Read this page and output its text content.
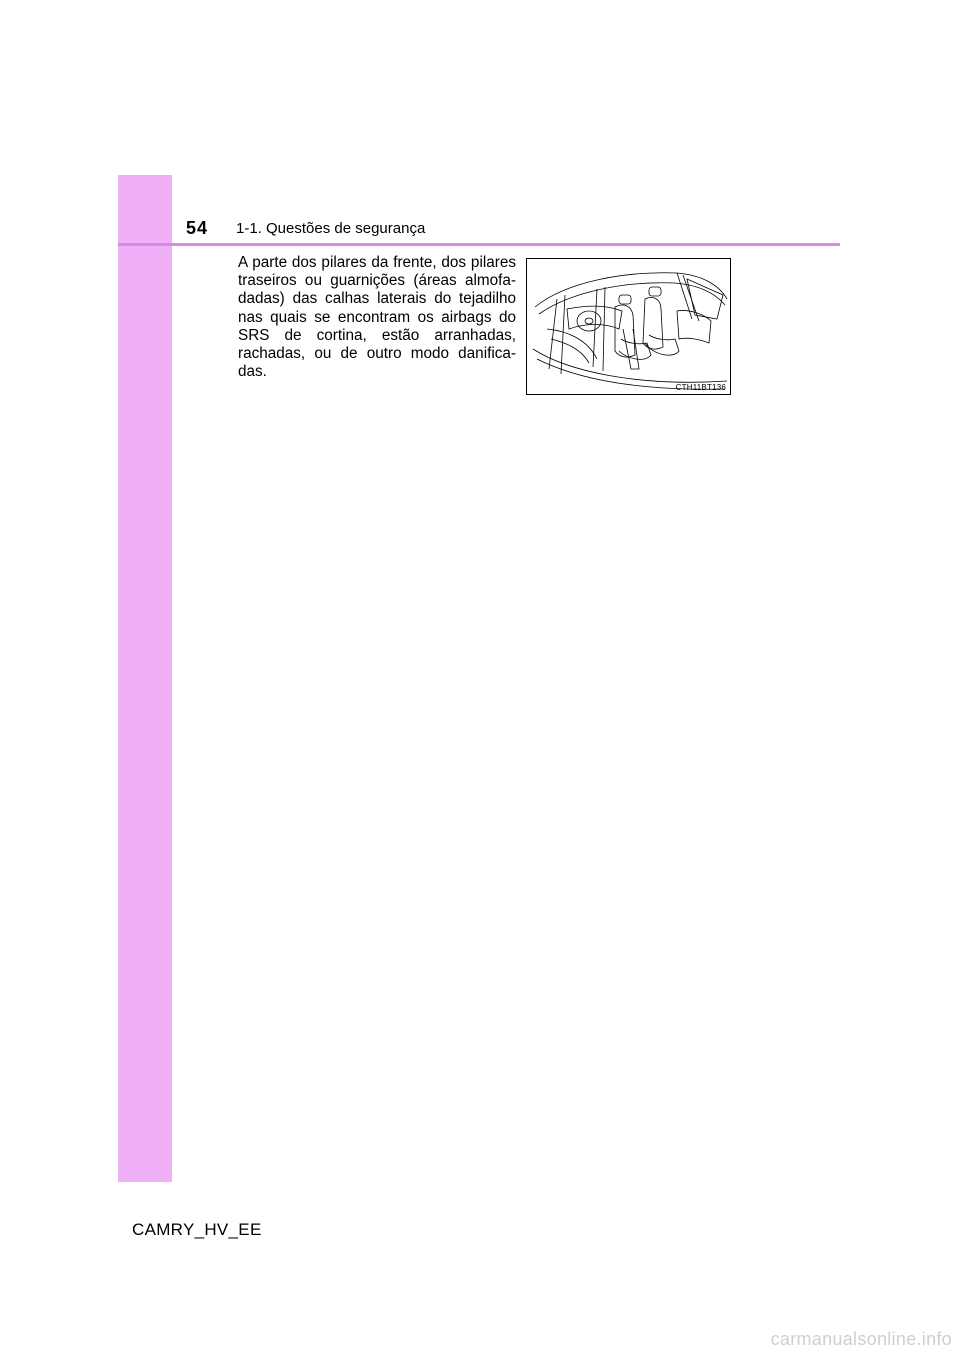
54 1-1. Questões de segurança

A parte dos pilares da frente, dos pilares traseiros ou guarnições (áreas almofa-dadas) das calhas laterais do tejadilho nas quais se encontram os airbags do SRS de cortina, estão arranhadas, rachadas, ou de outro modo danifica-das.

CTH11BT136
CAMRY_HV_EE
carmanualsonline.info
